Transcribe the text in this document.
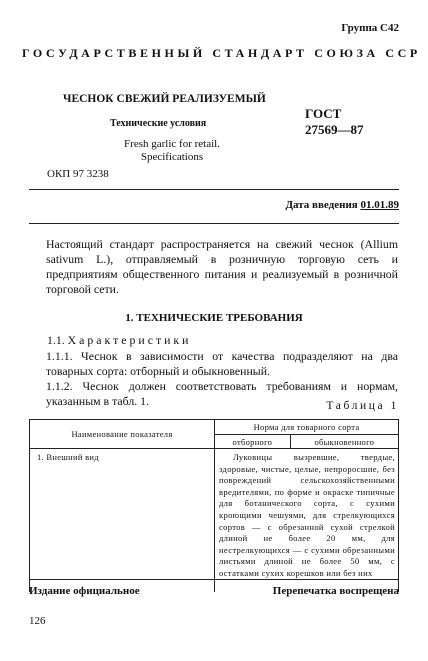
Группа С42
ГОСУДАРСТВЕННЫЙ СТАНДАРТ СОЮЗА ССР
ЧЕСНОК СВЕЖИЙ РЕАЛИЗУЕМЫЙ
ГОСТ
27569—87
Технические условия
Fresh garlic for retail.
Specifications
ОКП 97 3238
Дата введения 01.01.89
Настоящий стандарт распространяется на свежий чеснок (Allium sativum L.), отправляемый в розничную торговую сеть и предприятиям общественного питания и реализуемый в розничной торговой сети.
1. ТЕХНИЧЕСКИЕ ТРЕБОВАНИЯ
1.1. Характеристики
1.1.1. Чеснок в зависимости от качества подразделяют на два товарных сорта: отборный и обыкновенный.
1.1.2. Чеснок должен соответствовать требованиям и нормам, указанным в табл. 1.	Таблица 1
Наименование показателя	Норма для товарного сорта	
	отборного	обыкновенного
1. Внешний вид	Луковицы вызревшие, твердые, здоровые, чистые, целые, непроросшие, без повреждений сельскохозяйственными вредителями, по форме и окраске типичные для ботанического сорта, с сухими кроющими чешуями, для стрелкующихся сортов — с обрезанной сухой стрелкой длиной не более 20 мм, для нестрелкующихся — с сухими обрезанными листьями длиной не более 50 мм, с остатками сухих корешков или без них	
Издание официальное	Перепечатка воспрещена
126
